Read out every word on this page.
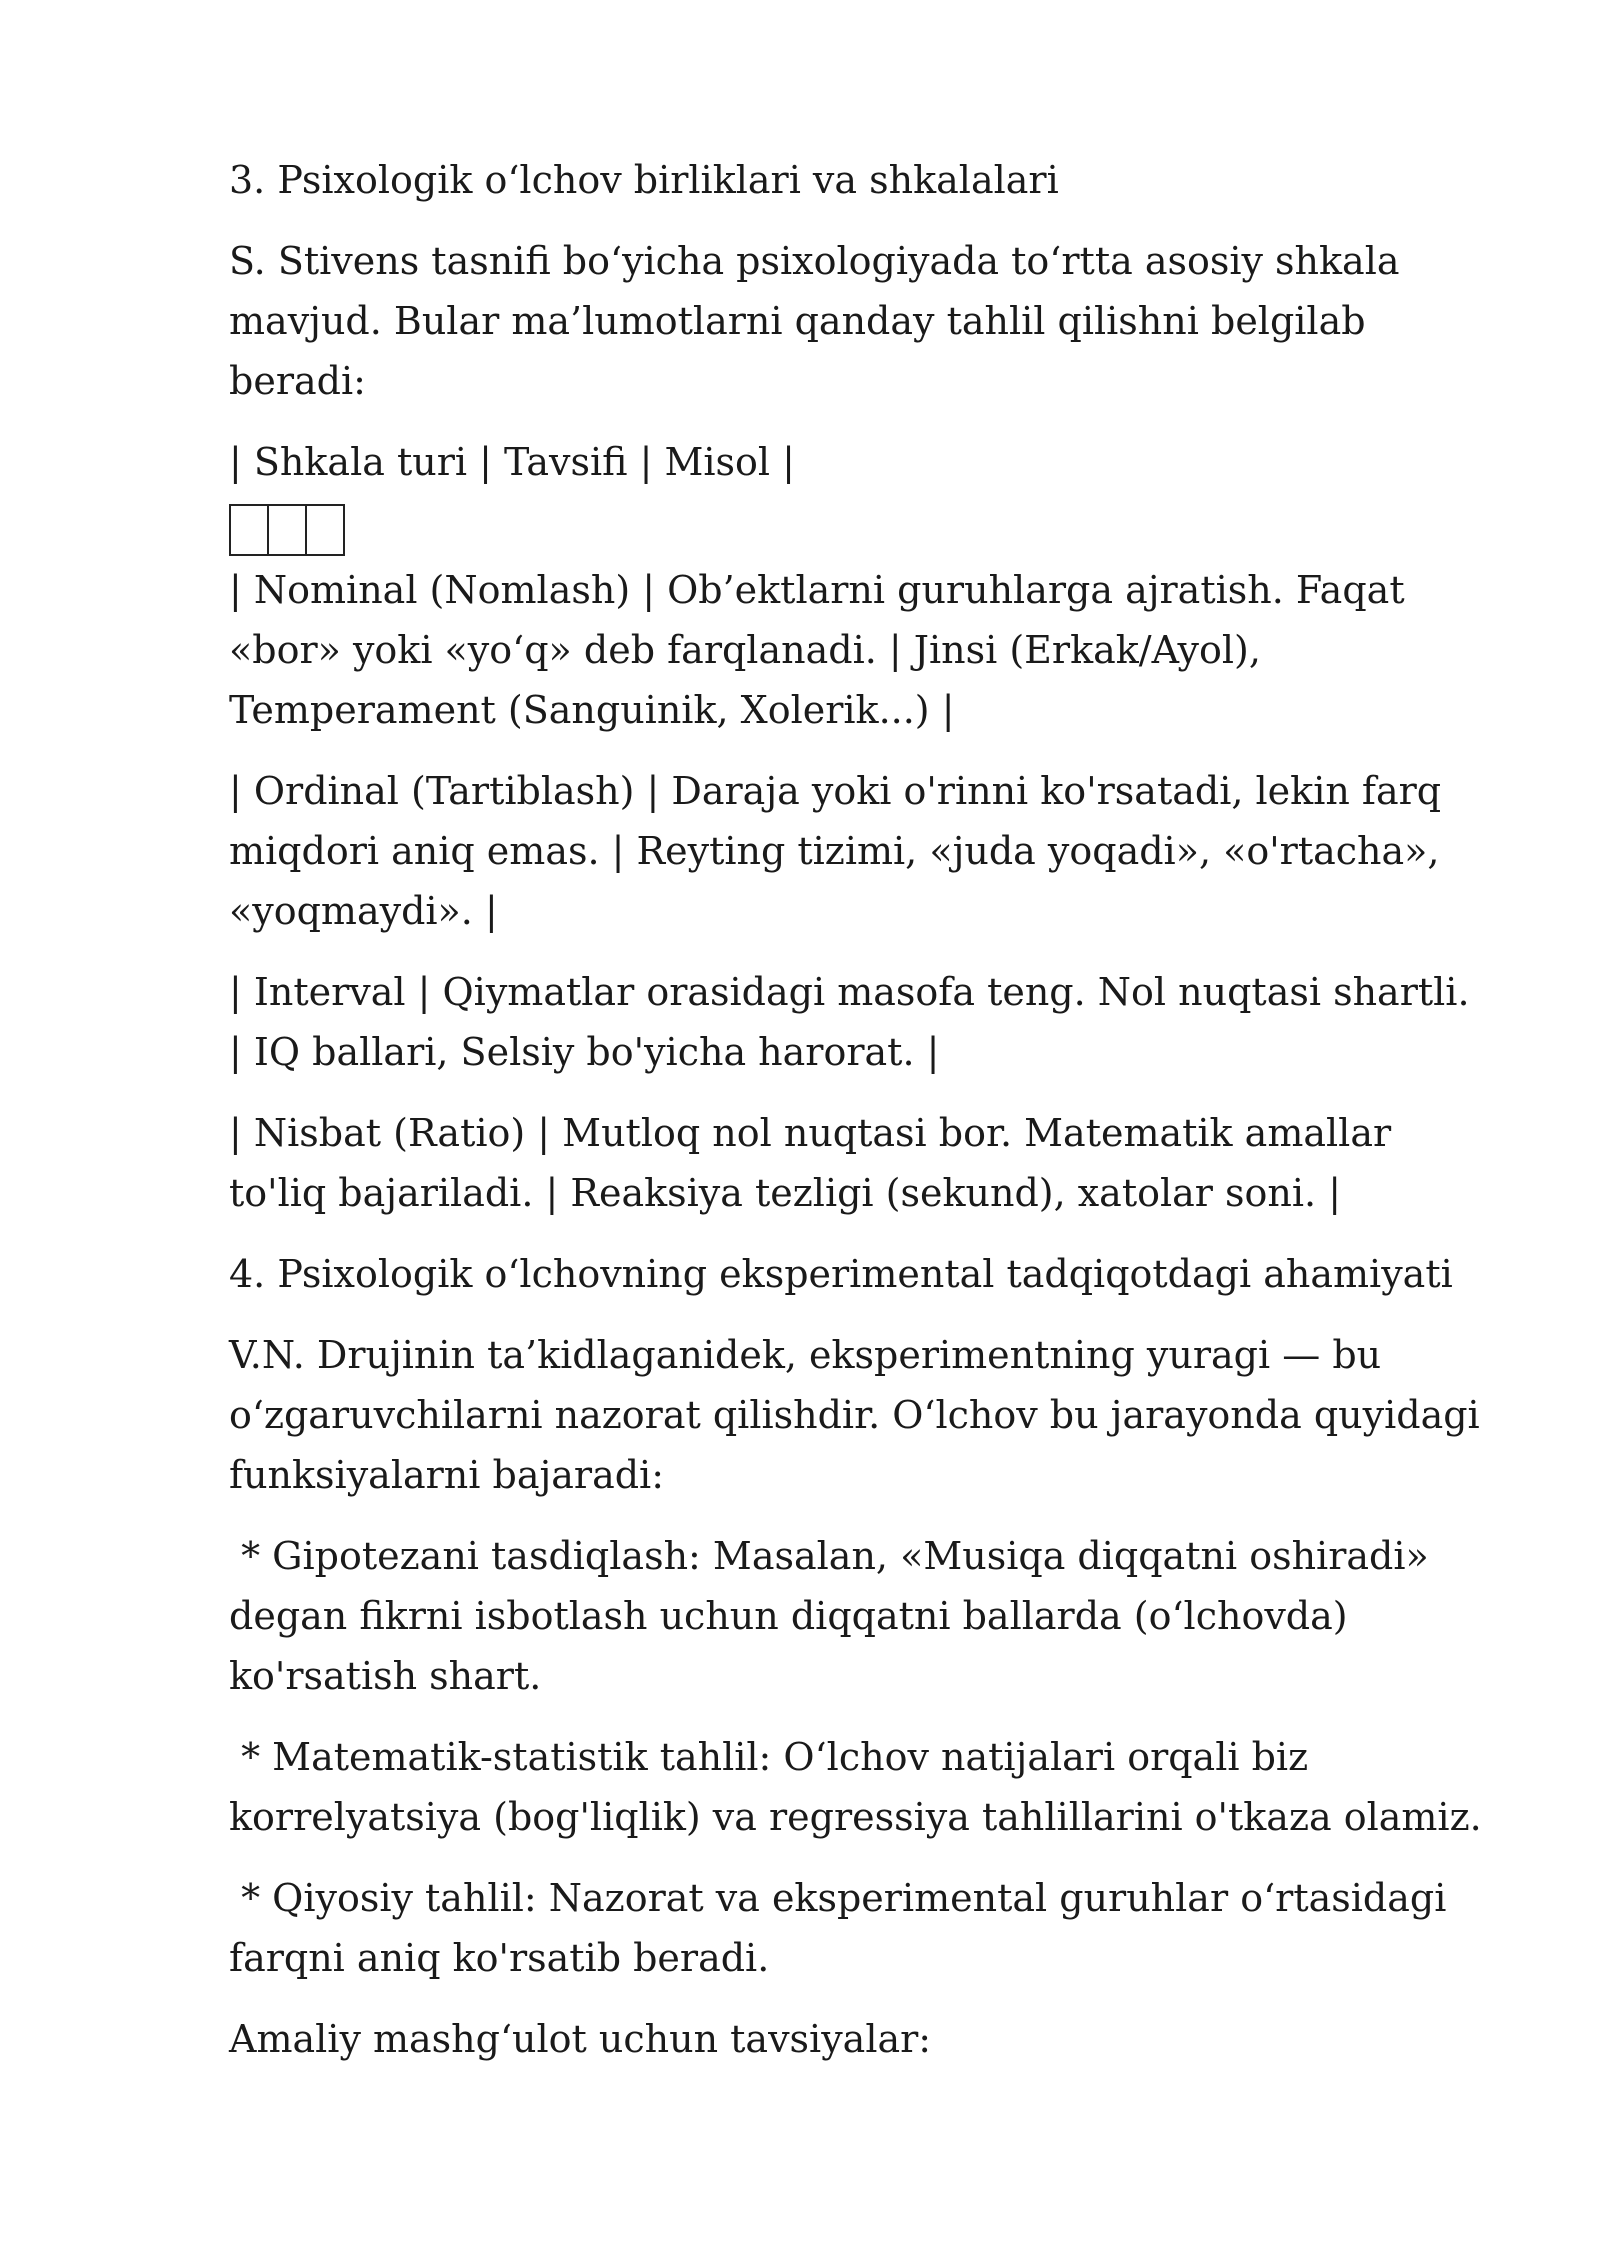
3. Psixologik o‘lchov birliklari va shkalalari

S. Stivens tasnifi bo‘yicha psixologiyada to‘rtta asosiy shkala mavjud. Bular ma’lumotlarni qanday tahlil qilishni belgilab beradi:

| Shkala turi | Tavsifi | Misol |

| Nominal (Nomlash) | Ob’ektlarni guruhlarga ajratish. Faqat «bor» yoki «yo‘q» deb farqlanadi. | Jinsi (Erkak/Ayol), Temperament (Sanguinik, Xolerik...) |

| Ordinal (Tartiblash) | Daraja yoki o'rinni ko'rsatadi, lekin farq miqdori aniq emas. | Reyting tizimi, «juda yoqadi», «o'rtacha», «yoqmaydi». |

| Interval | Qiymatlar orasidagi masofa teng. Nol nuqtasi shartli. | IQ ballari, Selsiy bo'yicha harorat. |

| Nisbat (Ratio) | Mutloq nol nuqtasi bor. Matematik amallar to'liq bajariladi. | Reaksiya tezligi (sekund), xatolar soni. |

4. Psixologik o‘lchovning eksperimental tadqiqotdagi ahamiyati

V.N. Drujinin ta’kidlaganidek, eksperimentning yuragi — bu o‘zgaruvchilarni nazorat qilishdir. O‘lchov bu jarayonda quyidagi funksiyalarni bajaradi:

* Gipotezani tasdiqlash: Masalan, «Musiqa diqqatni oshiradi» degan fikrni isbotlash uchun diqqatni ballarda (o‘lchovda) ko'rsatish shart.

* Matematik-statistik tahlil: O‘lchov natijalari orqali biz korrelyatsiya (bog'liqlik) va regressiya tahlillarini o'tkaza olamiz.

* Qiyosiy tahlil: Nazorat va eksperimental guruhlar o‘rtasidagi farqni aniq ko'rsatib beradi.

Amaliy mashg‘ulot uchun tavsiyalar:
